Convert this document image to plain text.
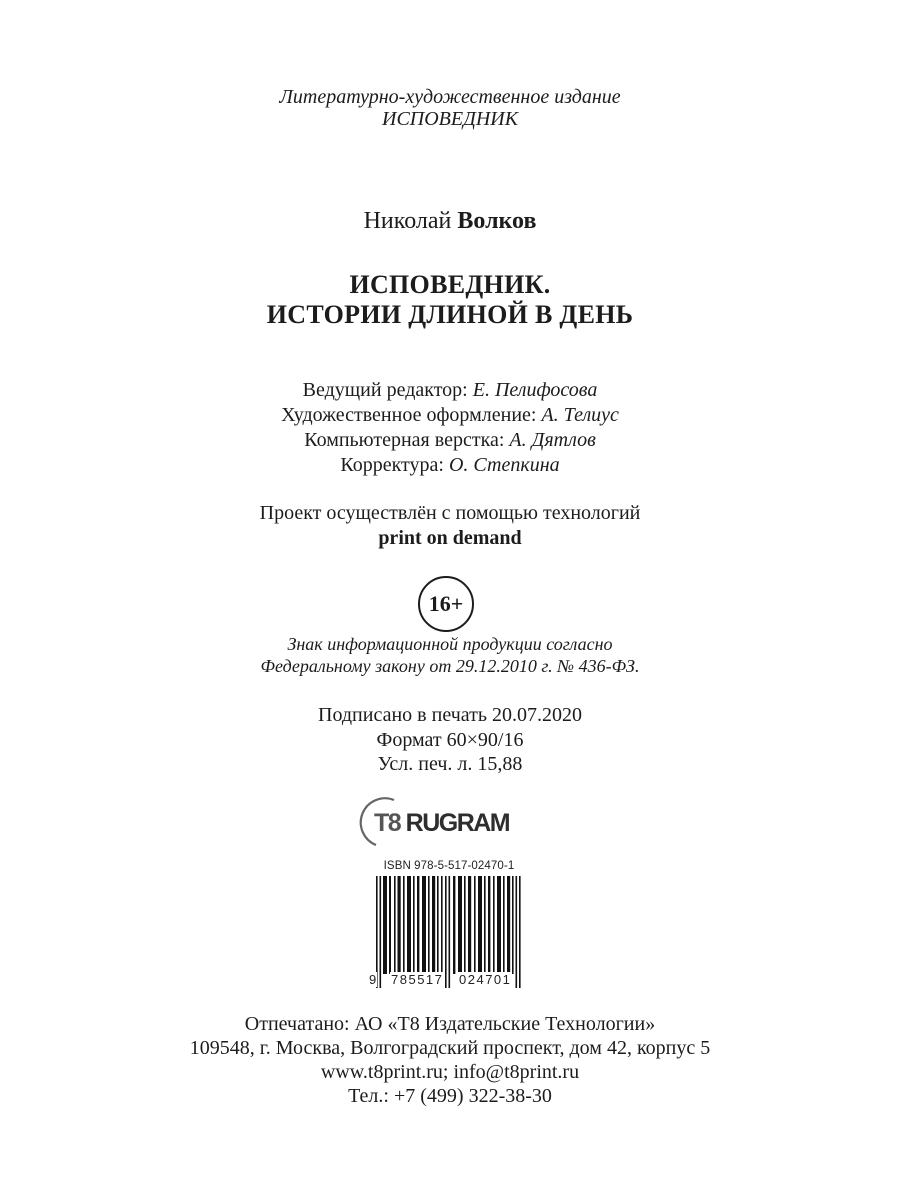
Литературно-художественное издание
ИСПОВЕДНИК
Николай Волков
ИСПОВЕДНИК.
ИСТОРИИ ДЛИНОЙ В ДЕНЬ
Ведущий редактор: Е. Пелифосова
Художественное оформление: А. Телиус
Компьютерная верстка: А. Дятлов
Корректура: О. Степкина
Проект осуществлён с помощью технологий
print on demand
16+
Знак информационной продукции согласно
Федеральному закону от 29.12.2010 г. № 436-ФЗ.
Подписано в печать 20.07.2020
Формат 60×90/16
Усл. печ. л. 15,88
T8 RUGRAM
ISBN 978-5-517-02470-1
9 785517 024701
Отпечатано: АО «Т8 Издательские Технологии»
109548, г. Москва, Волгоградский проспект, дом 42, корпус 5
www.t8print.ru; info@t8print.ru
Тел.: +7 (499) 322-38-30
